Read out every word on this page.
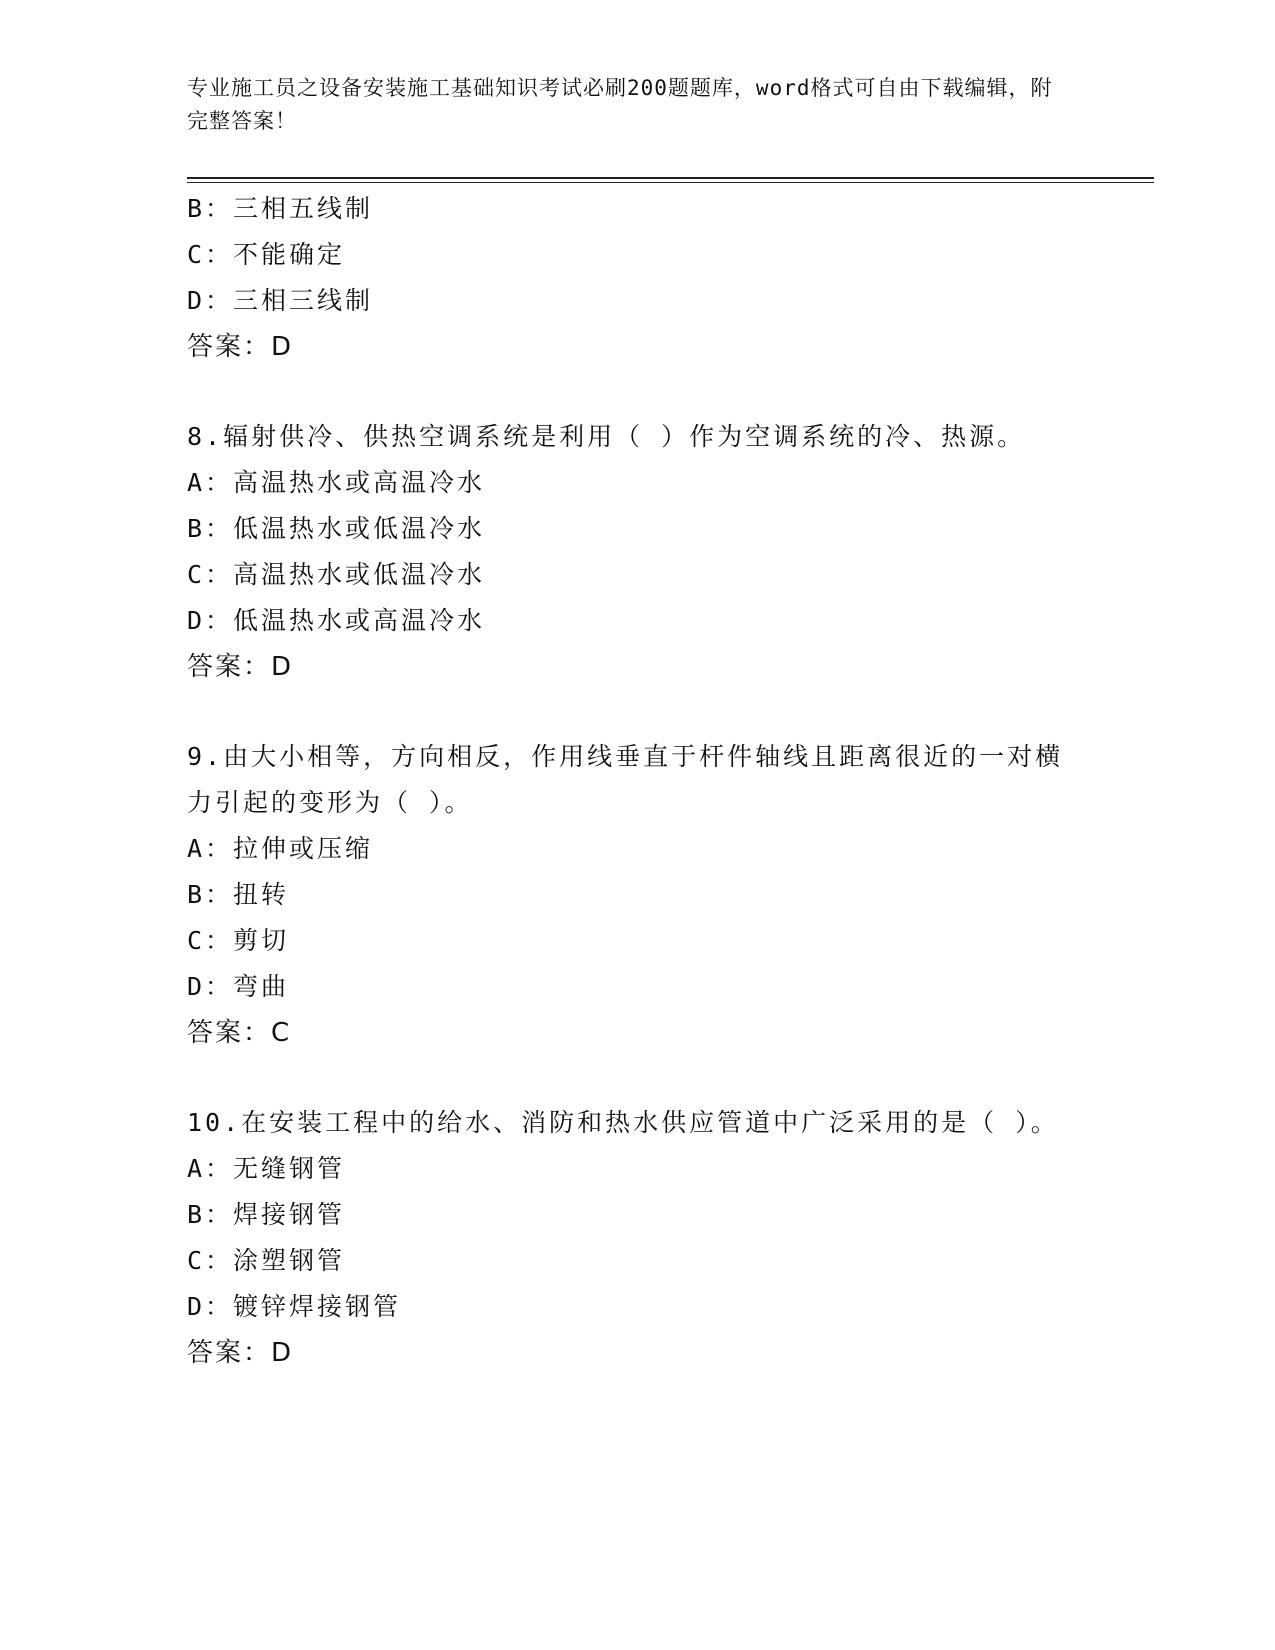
专业施工员之设备安装施工基础知识考试必刷200题题库，word格式可自由下载编辑，附完整答案！
B：三相五线制
C：不能确定
D：三相三线制
答案：D
8.辐射供冷、供热空调系统是利用（ ）作为空调系统的冷、热源。
A：高温热水或高温冷水
B：低温热水或低温冷水
C：高温热水或低温冷水
D：低温热水或高温冷水
答案：D
9.由大小相等，方向相反，作用线垂直于杆件轴线且距离很近的一对横力引起的变形为（ ）。
A：拉伸或压缩
B：扭转
C：剪切
D：弯曲
答案：C
10.在安装工程中的给水、消防和热水供应管道中广泛采用的是（ ）。
A：无缝钢管
B：焊接钢管
C：涂塑钢管
D：镀锌焊接钢管
答案：D
